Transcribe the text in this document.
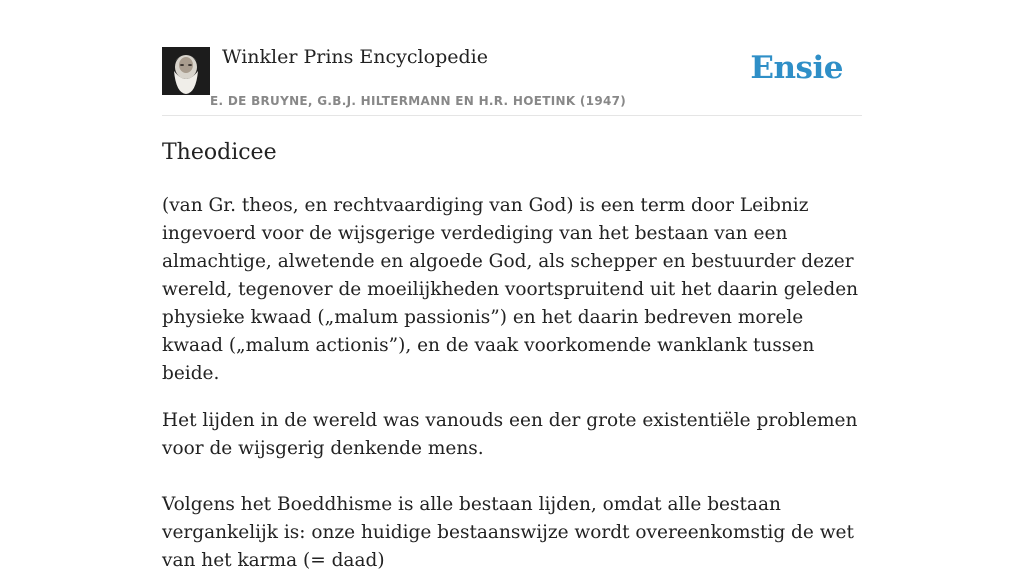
Winkler Prins Encyclopedie
E. DE BRUYNE, G.B.J. HILTERMANN EN H.R. HOETINK (1947)
Ensie
Theodicee

(van Gr. theos, en rechtvaardiging van God) is een term door Leibniz ingevoerd voor de wijsgerige verdediging van het bestaan van een almachtige, alwetende en algoede God, als schepper en bestuurder dezer wereld, tegenover de moeilijkheden voortspruitend uit het daarin geleden physieke kwaad („malum passionis”) en het daarin bedreven morele kwaad („malum actionis”), en de vaak voorkomende wanklank tussen beide.

Het lijden in de wereld was vanouds een der grote existentiële problemen voor de wijsgerig denkende mens.

Volgens het Boeddhisme is alle bestaan lijden, omdat alle bestaan vergankelijk is: onze huidige bestaanswijze wordt overeenkomstig de wet van het karma (= daad)
